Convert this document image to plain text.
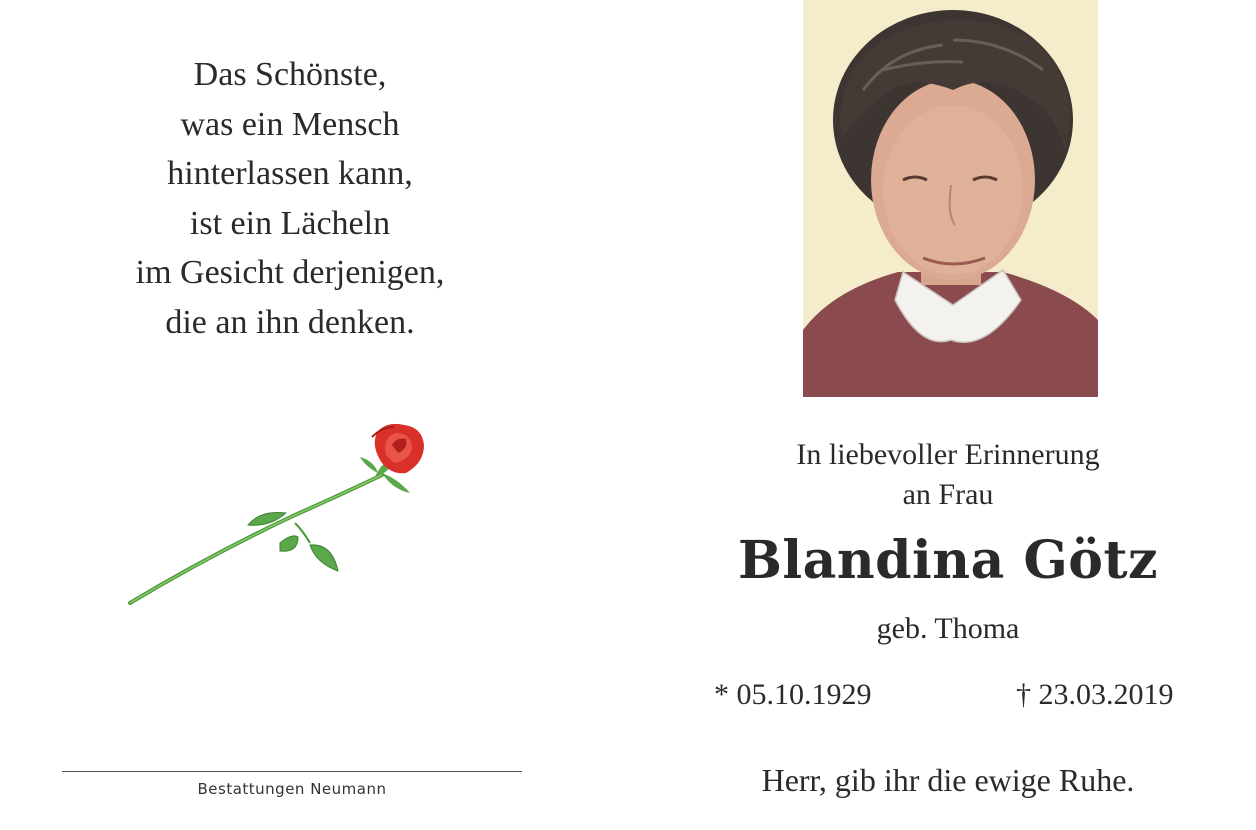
Das Schönste,
was ein Mensch
hinterlassen kann,
ist ein Lächeln
im Gesicht derjenigen,
die an ihn denken.
Bestattungen Neumann
In liebevoller Erinnerung
an Frau
Blandina Götz
geb. Thoma
* 05.10.1929	† 23.03.2019
Herr, gib ihr die ewige Ruhe.
